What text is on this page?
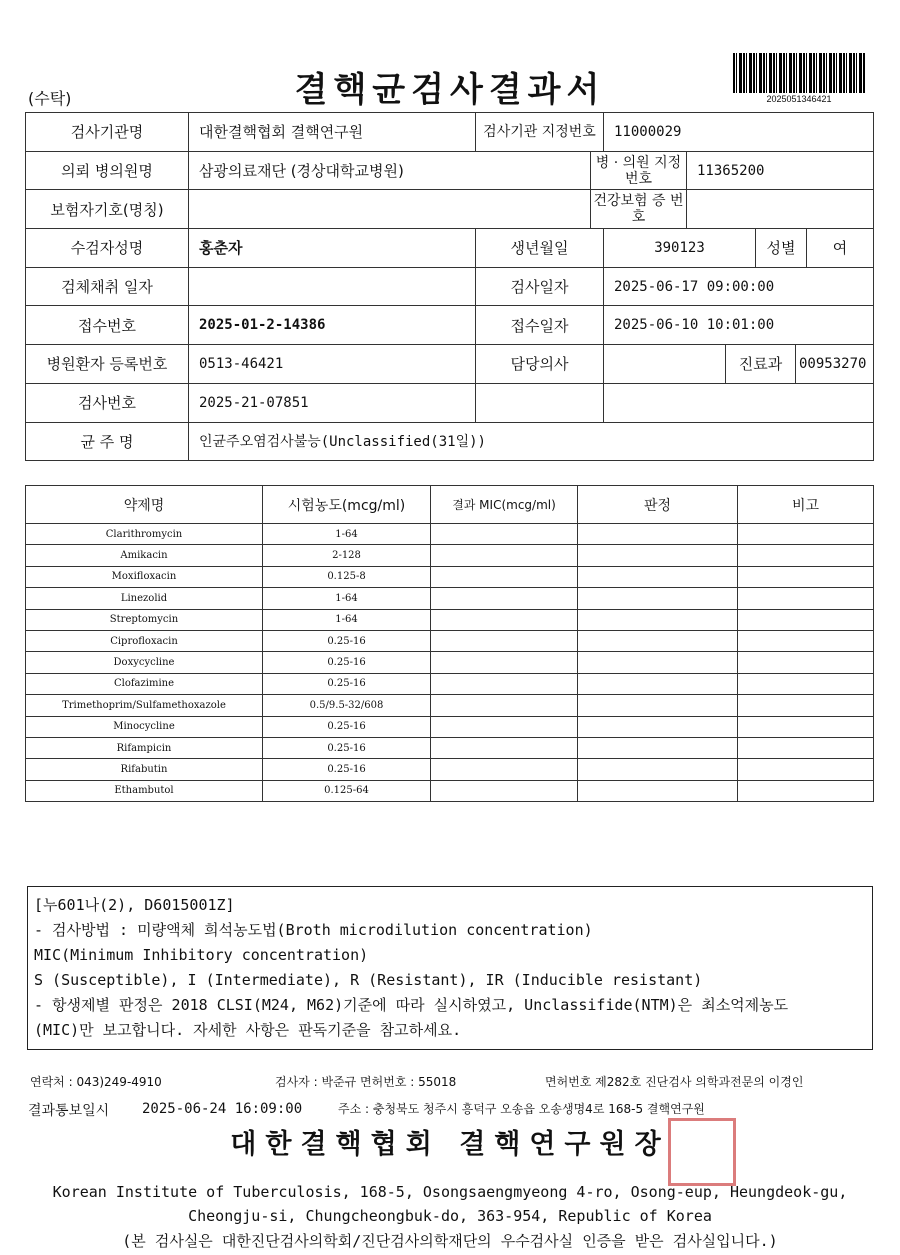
(수탁)	결핵균검사결과서	2025051346421
검사기관명	대한결핵협회 결핵연구원	검사기관 지정번호		11000029					
의뢰 병의원명	삼광의료재단 (경상대학교병원)		병 · 의원 지정번호		11365200				
보험자기호(명칭)			건강보험 증 번 호						
수검자성명	홍춘자	생년월일		390123			성별		여
검체채취 일자		검사일자		2025-06-17 09:00:00					
접수번호	2025-01-2-14386	접수일자		2025-06-10 10:01:00					
병원환자 등록번호	0513-46421	담당의사				진료과		00953270	
검사번호	2025-21-07851								
균 주 명	인균주오염검사불능(Unclassified(31일))								
약제명	시험농도(mcg/ml)	결과 MIC(mcg/ml)	판정	비고
Clarithromycin	1-64			
Amikacin	2-128			
Moxifloxacin	0.125-8			
Linezolid	1-64			
Streptomycin	1-64			
Ciprofloxacin	0.25-16			
Doxycycline	0.25-16			
Clofazimine	0.25-16			
Trimethoprim/Sulfamethoxazole	0.5/9.5-32/608			
Minocycline	0.25-16			
Rifampicin	0.25-16			
Rifabutin	0.25-16			
Ethambutol	0.125-64			
[누601나(2), D6015001Z]
- 검사방법 : 미량액체 희석농도법(Broth microdilution concentration)
MIC(Minimum Inhibitory concentration)
S (Susceptible), I (Intermediate), R (Resistant), IR (Inducible resistant)
- 항생제별 판정은 2018 CLSI(M24, M62)기준에 따라 실시하였고, Unclassifide(NTM)은 최소억제농도
(MIC)만 보고합니다. 자세한 사항은 판독기준을 참고하세요.
연락처 : 043)249-4910	검사자 : 박준규 면허번호 : 55018	면허번호 제282호 진단검사 의학과전문의 이경인
결과통보일시 2025-06-24 16:09:00	주소 : 충청북도 청주시 흥덕구 오송읍 오송생명4로 168-5 결핵연구원
대한결핵협회 결핵연구원장
Korean Institute of Tuberculosis, 168-5, Osongsaengmyeong 4-ro, Osong-eup, Heungdeok-gu,
Cheongju-si, Chungcheongbuk-do, 363-954, Republic of Korea
(본 검사실은 대한진단검사의학회/진단검사의학재단의 우수검사실 인증을 받은 검사실입니다.)
